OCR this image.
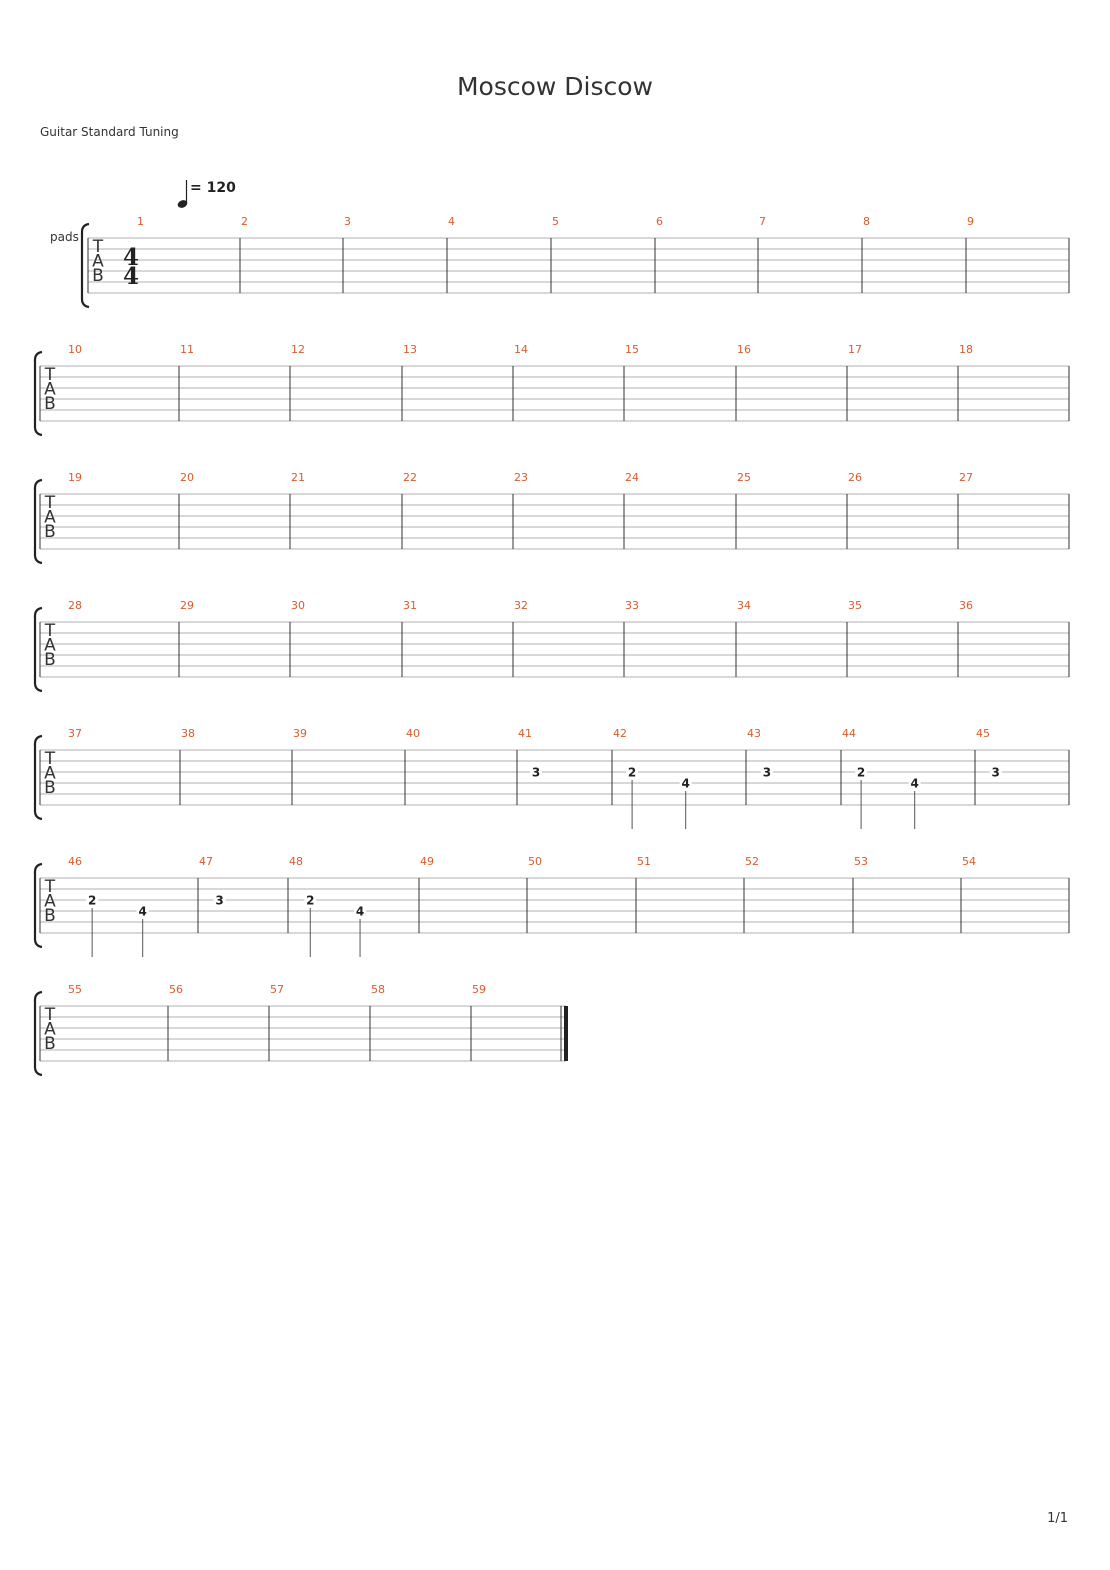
Moscow Discow
Guitar Standard Tuning
= 120
pads
1/1
T
A
B
4
4
1	2	3	4	5	6	7	8	9
T
A
B
10	11	12	13	14	15	16	17	18
T
A
B
19	20	21	22	23	24	25	26	27
T
A
B
28	29	30	31	32	33	34	35	36
T
A
B
37	38	39	40	41	42	43	44	45
3	2
4
3	2
4
3
T
A
B
46	47	48	49	50	51	52	53	54
2
4
3	2
4
T
A
B
55	56	57	58	59
